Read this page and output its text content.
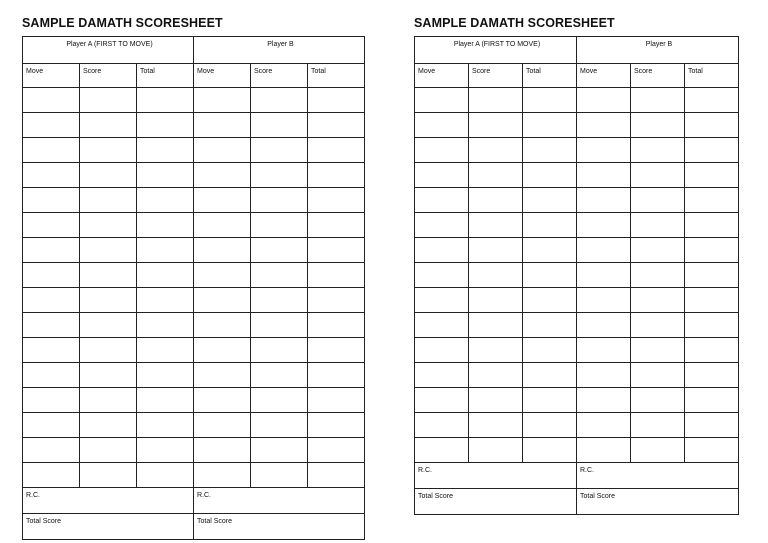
SAMPLE DAMATH SCORESHEET
Player A (FIRST TO MOVE)			Player B		
Move	Score	Total	Move	Score	Total

R.C.			R.C.		
Total Score			Total Score		
SAMPLE DAMATH SCORESHEET
Player A (FIRST TO MOVE)			Player B		
Move	Score	Total	Move	Score	Total

R.C.			R.C.		
Total Score			Total Score		
